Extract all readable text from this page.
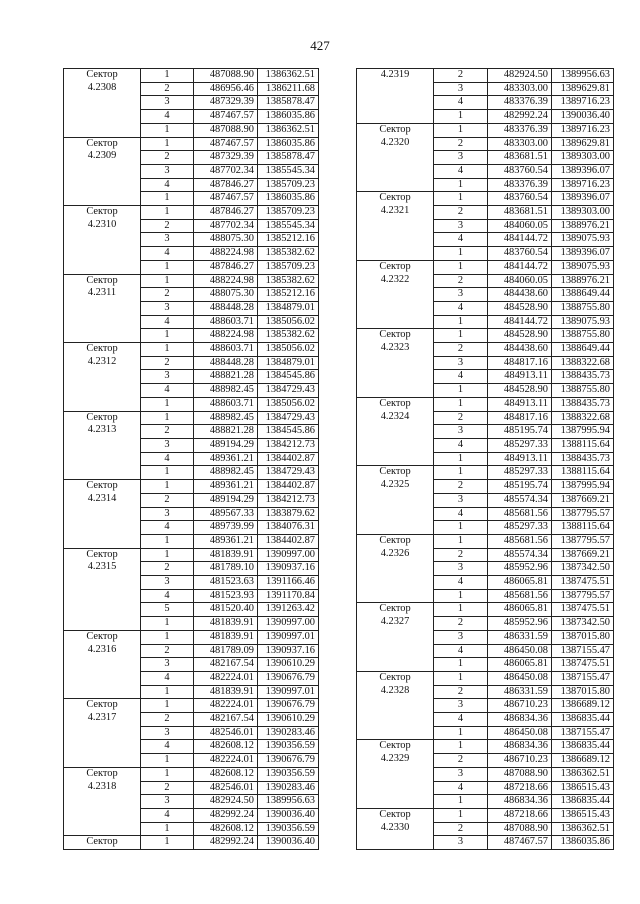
427
Сектор
4.2308	1	487088.90	1386362.51
	2	486956.46	1386211.68
	3	487329.39	1385878.47
	4	487467.57	1386035.86
	1	487088.90	1386362.51

Сектор
4.2309	1	487467.57	1386035.86
	2	487329.39	1385878.47
	3	487702.34	1385545.34
	4	487846.27	1385709.23
	1	487467.57	1386035.86

Сектор
4.2310	1	487846.27	1385709.23
	2	487702.34	1385545.34
	3	488075.30	1385212.16
	4	488224.98	1385382.62
	1	487846.27	1385709.23

Сектор
4.2311	1	488224.98	1385382.62
	2	488075.30	1385212.16
	3	488448.28	1384879.01
	4	488603.71	1385056.02
	1	488224.98	1385382.62

Сектор
4.2312	1	488603.71	1385056.02
	2	488448.28	1384879.01
	3	488821.28	1384545.86
	4	488982.45	1384729.43
	1	488603.71	1385056.02

Сектор
4.2313	1	488982.45	1384729.43
	2	488821.28	1384545.86
	3	489194.29	1384212.73
	4	489361.21	1384402.87
	1	488982.45	1384729.43

Сектор
4.2314	1	489361.21	1384402.87
	2	489194.29	1384212.73
	3	489567.33	1383879.62
	4	489739.99	1384076.31
	1	489361.21	1384402.87

Сектор
4.2315	1	481839.91	1390997.00
	2	481789.10	1390937.16
	3	481523.63	1391166.46
	4	481523.93	1391170.84
	5	481520.40	1391263.42
	1	481839.91	1390997.00

Сектор
4.2316	1	481839.91	1390997.01
	2	481789.09	1390937.16
	3	482167.54	1390610.29
	4	482224.01	1390676.79
	1	481839.91	1390997.01

Сектор
4.2317	1	482224.01	1390676.79
	2	482167.54	1390610.29
	3	482546.01	1390283.46
	4	482608.12	1390356.59
	1	482224.01	1390676.79

Сектор
4.2318	1	482608.12	1390356.59
	2	482546.01	1390283.46
	3	482924.50	1389956.63
	4	482992.24	1390036.40
	1	482608.12	1390356.59

Сектор	1	482992.24	1390036.40
4.2319	2	482924.50	1389956.63
	3	483303.00	1389629.81
	4	483376.39	1389716.23
	1	482992.24	1390036.40

Сектор
4.2320	1	483376.39	1389716.23
	2	483303.00	1389629.81
	3	483681.51	1389303.00
	4	483760.54	1389396.07
	1	483376.39	1389716.23

Сектор
4.2321	1	483760.54	1389396.07
	2	483681.51	1389303.00
	3	484060.05	1388976.21
	4	484144.72	1389075.93
	1	483760.54	1389396.07

Сектор
4.2322	1	484144.72	1389075.93
	2	484060.05	1388976.21
	3	484438.60	1388649.44
	4	484528.90	1388755.80
	1	484144.72	1389075.93

Сектор
4.2323	1	484528.90	1388755.80
	2	484438.60	1388649.44
	3	484817.16	1388322.68
	4	484913.11	1388435.73
	1	484528.90	1388755.80

Сектор
4.2324	1	484913.11	1388435.73
	2	484817.16	1388322.68
	3	485195.74	1387995.94
	4	485297.33	1388115.64
	1	484913.11	1388435.73

Сектор
4.2325	1	485297.33	1388115.64
	2	485195.74	1387995.94
	3	485574.34	1387669.21
	4	485681.56	1387795.57
	1	485297.33	1388115.64

Сектор
4.2326	1	485681.56	1387795.57
	2	485574.34	1387669.21
	3	485952.96	1387342.50
	4	486065.81	1387475.51
	1	485681.56	1387795.57

Сектор
4.2327	1	486065.81	1387475.51
	2	485952.96	1387342.50
	3	486331.59	1387015.80
	4	486450.08	1387155.47
	1	486065.81	1387475.51

Сектор
4.2328	1	486450.08	1387155.47
	2	486331.59	1387015.80
	3	486710.23	1386689.12
	4	486834.36	1386835.44
	1	486450.08	1387155.47

Сектор
4.2329	1	486834.36	1386835.44
	2	486710.23	1386689.12
	3	487088.90	1386362.51
	4	487218.66	1386515.43
	1	486834.36	1386835.44

Сектор
4.2330	1	487218.66	1386515.43
	2	487088.90	1386362.51
	3	487467.57	1386035.86
